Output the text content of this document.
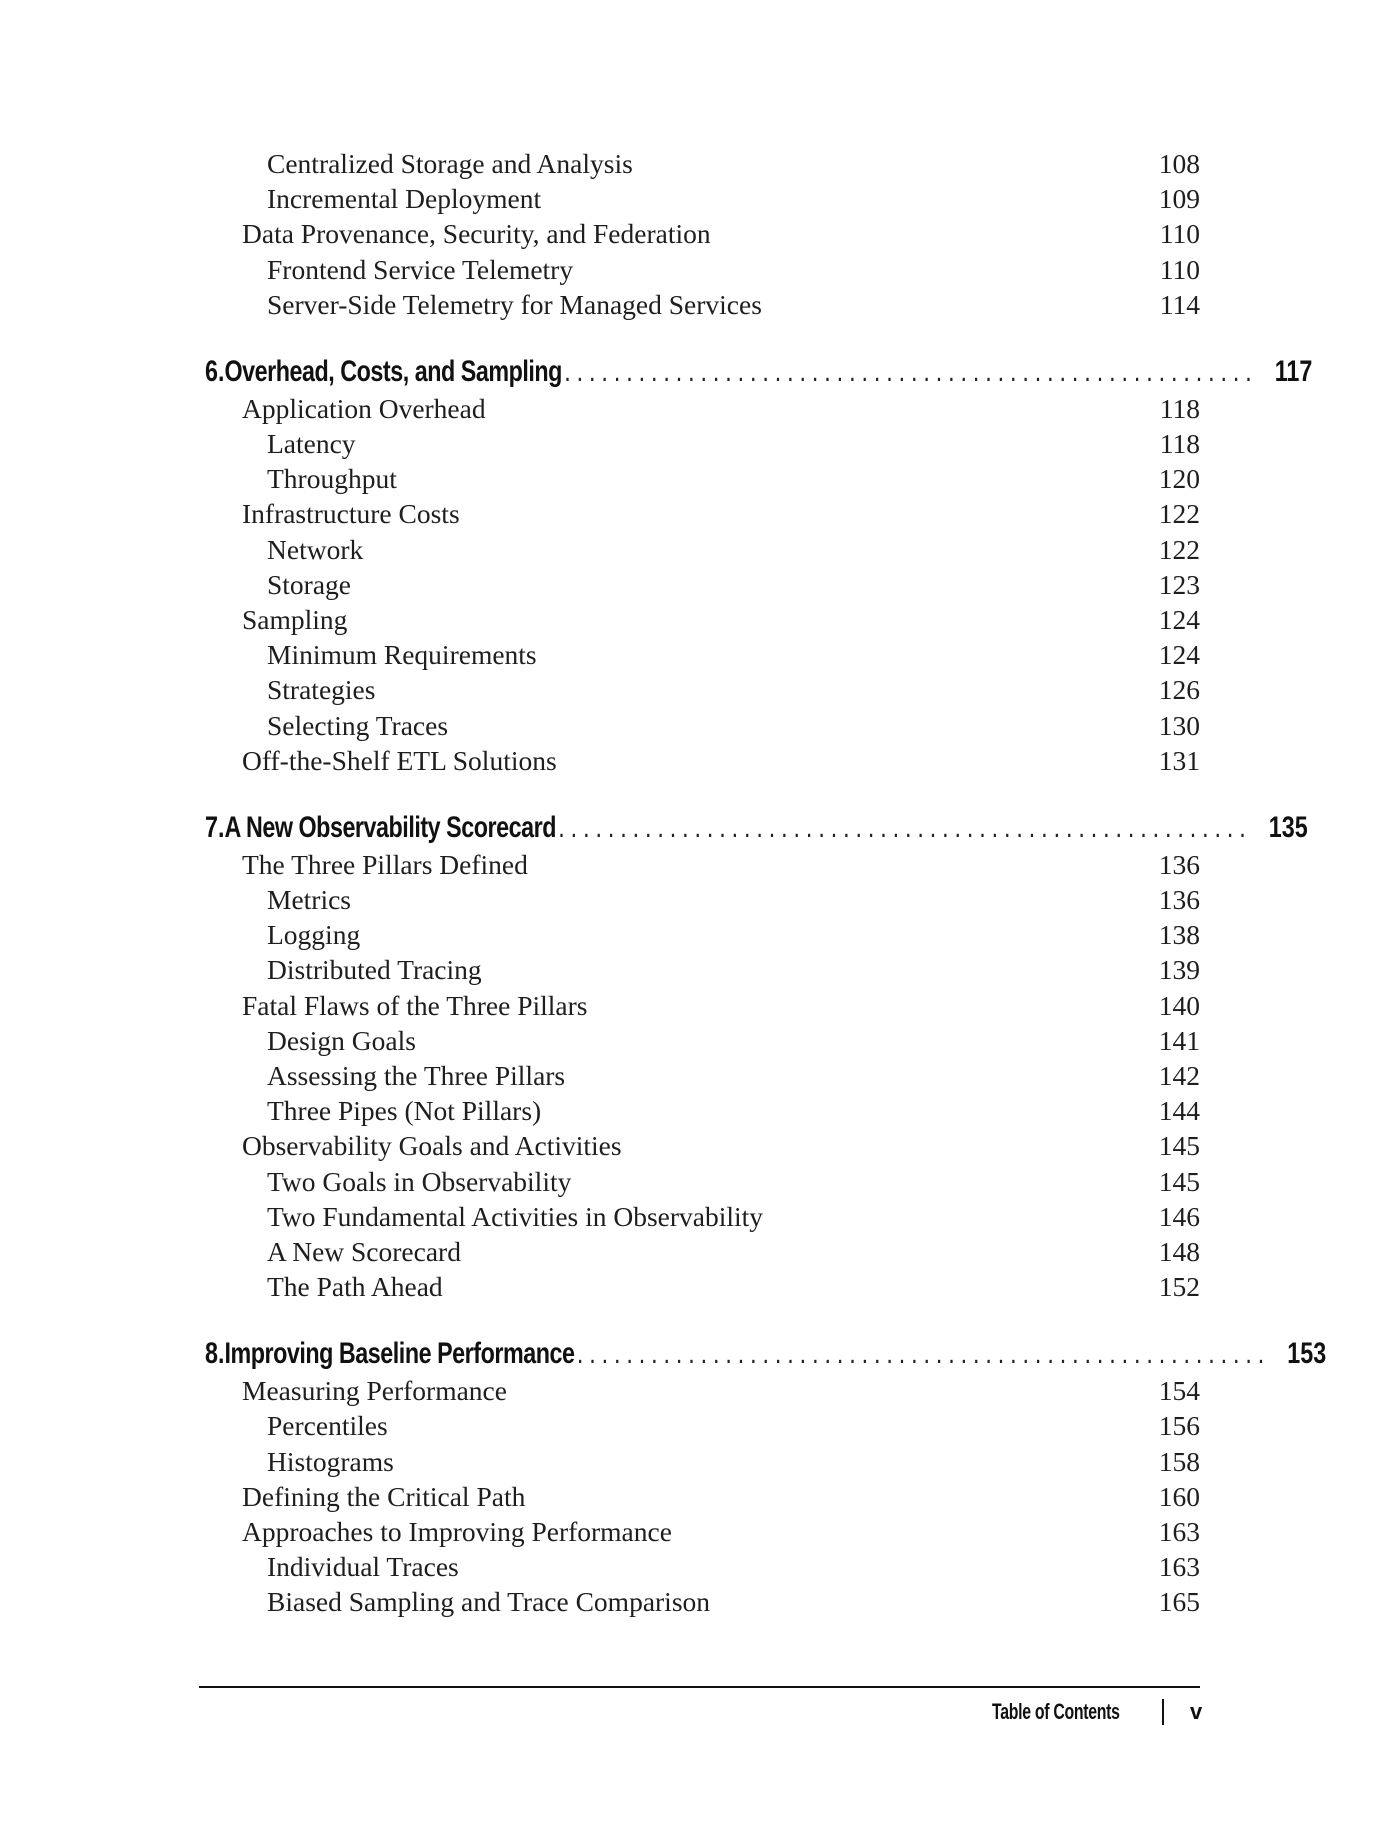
Centralized Storage and Analysis	108
Incremental Deployment	109
Data Provenance, Security, and Federation	110
Frontend Service Telemetry	110
Server-Side Telemetry for Managed Services	114
6. Overhead, Costs, and Sampling ........................................................ 117
Application Overhead	118
Latency	118
Throughput	120
Infrastructure Costs	122
Network	122
Storage	123
Sampling	124
Minimum Requirements	124
Strategies	126
Selecting Traces	130
Off-the-Shelf ETL Solutions	131
7. A New Observability Scorecard ........................................................ 135
The Three Pillars Defined	136
Metrics	136
Logging	138
Distributed Tracing	139
Fatal Flaws of the Three Pillars	140
Design Goals	141
Assessing the Three Pillars	142
Three Pipes (Not Pillars)	144
Observability Goals and Activities	145
Two Goals in Observability	145
Two Fundamental Activities in Observability	146
A New Scorecard	148
The Path Ahead	152
8. Improving Baseline Performance ........................................................ 153
Measuring Performance	154
Percentiles	156
Histograms	158
Defining the Critical Path	160
Approaches to Improving Performance	163
Individual Traces	163
Biased Sampling and Trace Comparison	165
Table of Contents	v
